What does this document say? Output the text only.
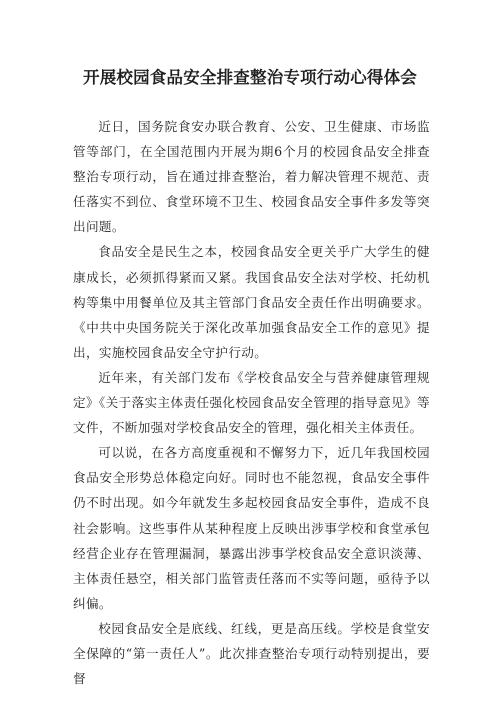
开展校园食品安全排查整治专项行动心得体会

近日，国务院食安办联合教育、公安、卫生健康、市场监管等部门，在全国范围内开展为期6个月的校园食品安全排查整治专项行动，旨在通过排查整治，着力解决管理不规范、责任落实不到位、食堂环境不卫生、校园食品安全事件多发等突出问题。

食品安全是民生之本，校园食品安全更关乎广大学生的健康成长，必须抓得紧而又紧。我国食品安全法对学校、托幼机构等集中用餐单位及其主管部门食品安全责任作出明确要求。《中共中央国务院关于深化改革加强食品安全工作的意见》提出，实施校园食品安全守护行动。

近年来，有关部门发布《学校食品安全与营养健康管理规定》《关于落实主体责任强化校园食品安全管理的指导意见》等文件，不断加强对学校食品安全的管理，强化相关主体责任。

可以说，在各方高度重视和不懈努力下，近几年我国校园食品安全形势总体稳定向好。同时也不能忽视，食品安全事件仍不时出现。如今年就发生多起校园食品安全事件，造成不良社会影响。这些事件从某种程度上反映出涉事学校和食堂承包经营企业存在管理漏洞，暴露出涉事学校食品安全意识淡薄、主体责任悬空，相关部门监管责任落而不实等问题，亟待予以纠偏。

校园食品安全是底线、红线，更是高压线。学校是食堂安全保障的“第一责任人”。此次排查整治专项行动特别提出，要督
